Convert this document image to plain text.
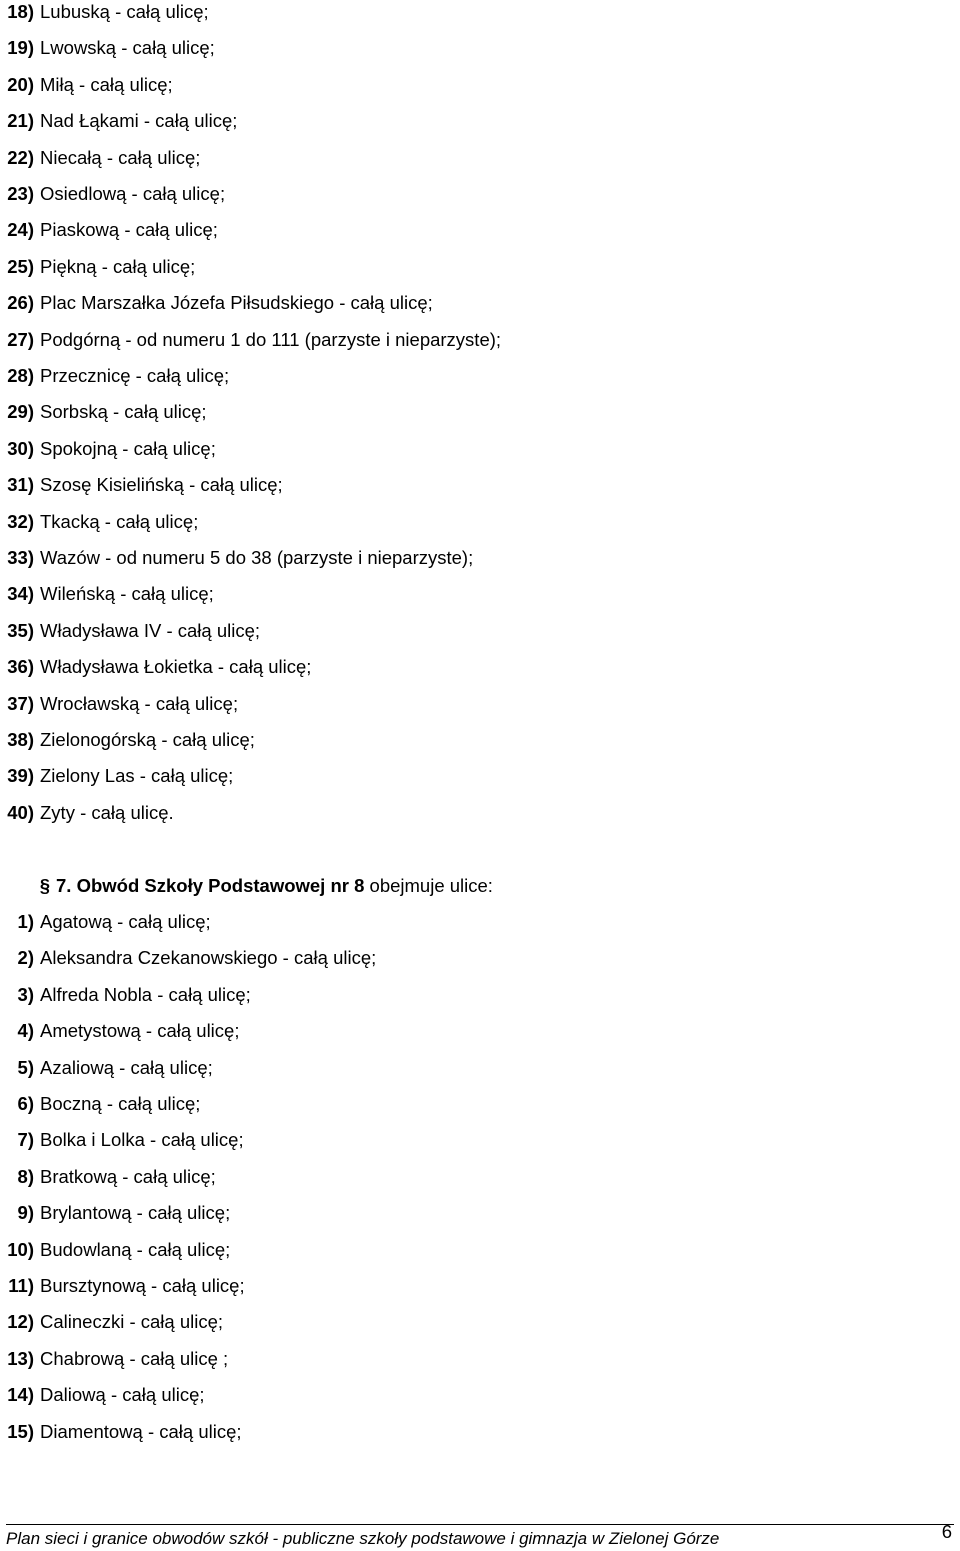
18) Lubuską - całą ulicę;
19) Lwowską - całą ulicę;
20) Miłą - całą ulicę;
21) Nad Łąkami - całą ulicę;
22) Niecałą - całą ulicę;
23) Osiedlową - całą ulicę;
24) Piaskową - całą ulicę;
25) Piękną - całą ulicę;
26) Plac Marszałka Józefa Piłsudskiego - całą ulicę;
27) Podgórną - od numeru 1 do 111 (parzyste i nieparzyste);
28) Przecznicę - całą ulicę;
29) Sorbską - całą ulicę;
30) Spokojną - całą ulicę;
31) Szosę Kisielińską - całą ulicę;
32) Tkacką - całą ulicę;
33) Wazów - od numeru 5 do 38 (parzyste i nieparzyste);
34) Wileńską - całą ulicę;
35) Władysława IV - całą ulicę;
36) Władysława Łokietka - całą ulicę;
37) Wrocławską - całą ulicę;
38) Zielonogórską - całą ulicę;
39) Zielony Las - całą ulicę;
40) Zyty - całą ulicę.
§ 7. Obwód Szkoły Podstawowej nr 8 obejmuje ulice:
1) Agatową - całą ulicę;
2) Aleksandra Czekanowskiego - całą ulicę;
3) Alfreda Nobla - całą ulicę;
4) Ametystową - całą ulicę;
5) Azaliową - całą ulicę;
6) Boczną - całą ulicę;
7) Bolka i Lolka - całą ulicę;
8) Bratkową - całą ulicę;
9) Brylantową - całą ulicę;
10) Budowlaną - całą ulicę;
11) Bursztynową - całą ulicę;
12) Calineczki - całą ulicę;
13) Chabrową - całą ulicę ;
14) Daliową - całą ulicę;
15) Diamentową - całą ulicę;
Plan sieci i granice obwodów szkół - publiczne szkoły podstawowe i gimnazja w Zielonej Górze	6
